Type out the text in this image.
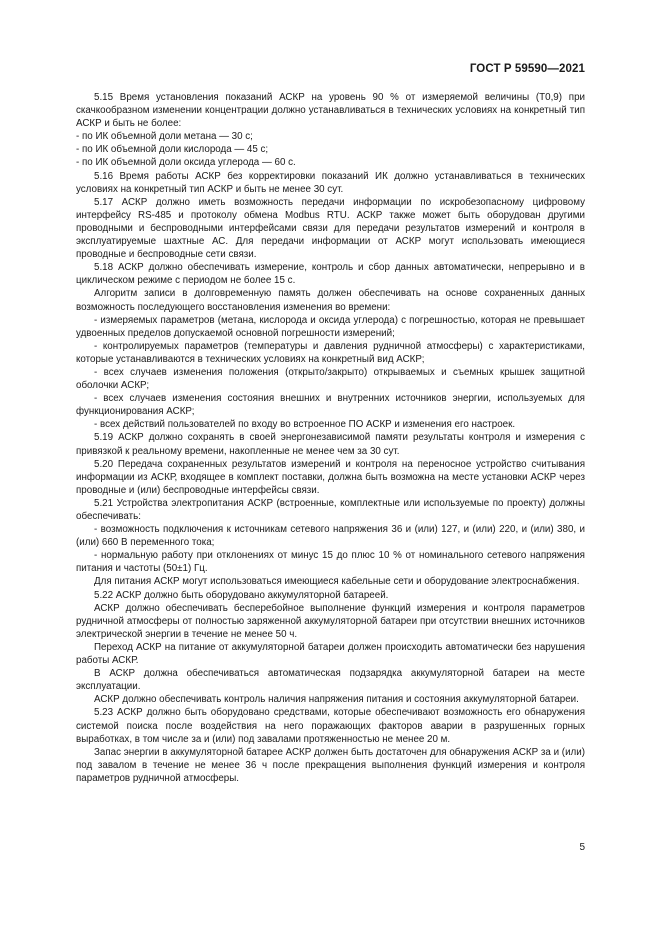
ГОСТ Р 59590—2021

5.15 Время установления показаний АСКР на уровень 90 % от измеряемой величины (Т0,9) при скачкообразном изменении концентрации должно устанавливаться в технических условиях на конкретный тип АСКР и быть не более:

- по ИК объемной доли метана — 30 с;

- по ИК объемной доли кислорода — 45 с;

- по ИК объемной доли оксида углерода — 60 с.

5.16 Время работы АСКР без корректировки показаний ИК должно устанавливаться в технических условиях на конкретный тип АСКР и быть не менее 30 сут.

5.17 АСКР должно иметь возможность передачи информации по искробезопасному цифровому интерфейсу RS-485 и протоколу обмена Modbus RTU. АСКР также может быть оборудован другими проводными и беспроводными интерфейсами связи для передачи результатов измерений и контроля в эксплуатируемые шахтные АС. Для передачи информации от АСКР могут использовать имеющиеся проводные и беспроводные сети связи.

5.18 АСКР должно обеспечивать измерение, контроль и сбор данных автоматически, непрерывно и в циклическом режиме с периодом не более 15 с.

Алгоритм записи в долговременную память должен обеспечивать на основе сохраненных данных возможность последующего восстановления изменения во времени:

- измеряемых параметров (метана, кислорода и оксида углерода) с погрешностью, которая не превышает удвоенных пределов допускаемой основной погрешности измерений;

- контролируемых параметров (температуры и давления рудничной атмосферы) с характеристиками, которые устанавливаются в технических условиях на конкретный вид АСКР;

- всех случаев изменения положения (открыто/закрыто) открываемых и съемных крышек защитной оболочки АСКР;

- всех случаев изменения состояния внешних и внутренних источников энергии, используемых для функционирования АСКР;

- всех действий пользователей по входу во встроенное ПО АСКР и изменения его настроек.

5.19 АСКР должно сохранять в своей энергонезависимой памяти результаты контроля и измерения с привязкой к реальному времени, накопленные не менее чем за 30 сут.

5.20 Передача сохраненных результатов измерений и контроля на переносное устройство считывания информации из АСКР, входящее в комплект поставки, должна быть возможна на месте установки АСКР через проводные и (или) беспроводные интерфейсы связи.

5.21 Устройства электропитания АСКР (встроенные, комплектные или используемые по проекту) должны обеспечивать:

- возможность подключения к источникам сетевого напряжения 36 и (или) 127, и (или) 220, и (или) 380, и (или) 660 В переменного тока;

- нормальную работу при отклонениях от минус 15 до плюс 10 % от номинального сетевого напряжения питания и частоты (50±1) Гц.

Для питания АСКР могут использоваться имеющиеся кабельные сети и оборудование электроснабжения.

5.22 АСКР должно быть оборудовано аккумуляторной батареей.

АСКР должно обеспечивать бесперебойное выполнение функций измерения и контроля параметров рудничной атмосферы от полностью заряженной аккумуляторной батареи при отсутствии внешних источников электрической энергии в течение не менее 50 ч.

Переход АСКР на питание от аккумуляторной батареи должен происходить автоматически без нарушения работы АСКР.

В АСКР должна обеспечиваться автоматическая подзарядка аккумуляторной батареи на месте эксплуатации.

АСКР должно обеспечивать контроль наличия напряжения питания и состояния аккумуляторной батареи.

5.23 АСКР должно быть оборудовано средствами, которые обеспечивают возможность его обнаружения системой поиска после воздействия на него поражающих факторов аварии в разрушенных горных выработках, в том числе за и (или) под завалами протяженностью не менее 20 м.

Запас энергии в аккумуляторной батарее АСКР должен быть достаточен для обнаружения АСКР за и (или) под завалом в течение не менее 36 ч после прекращения выполнения функций измерения и контроля параметров рудничной атмосферы.

5
